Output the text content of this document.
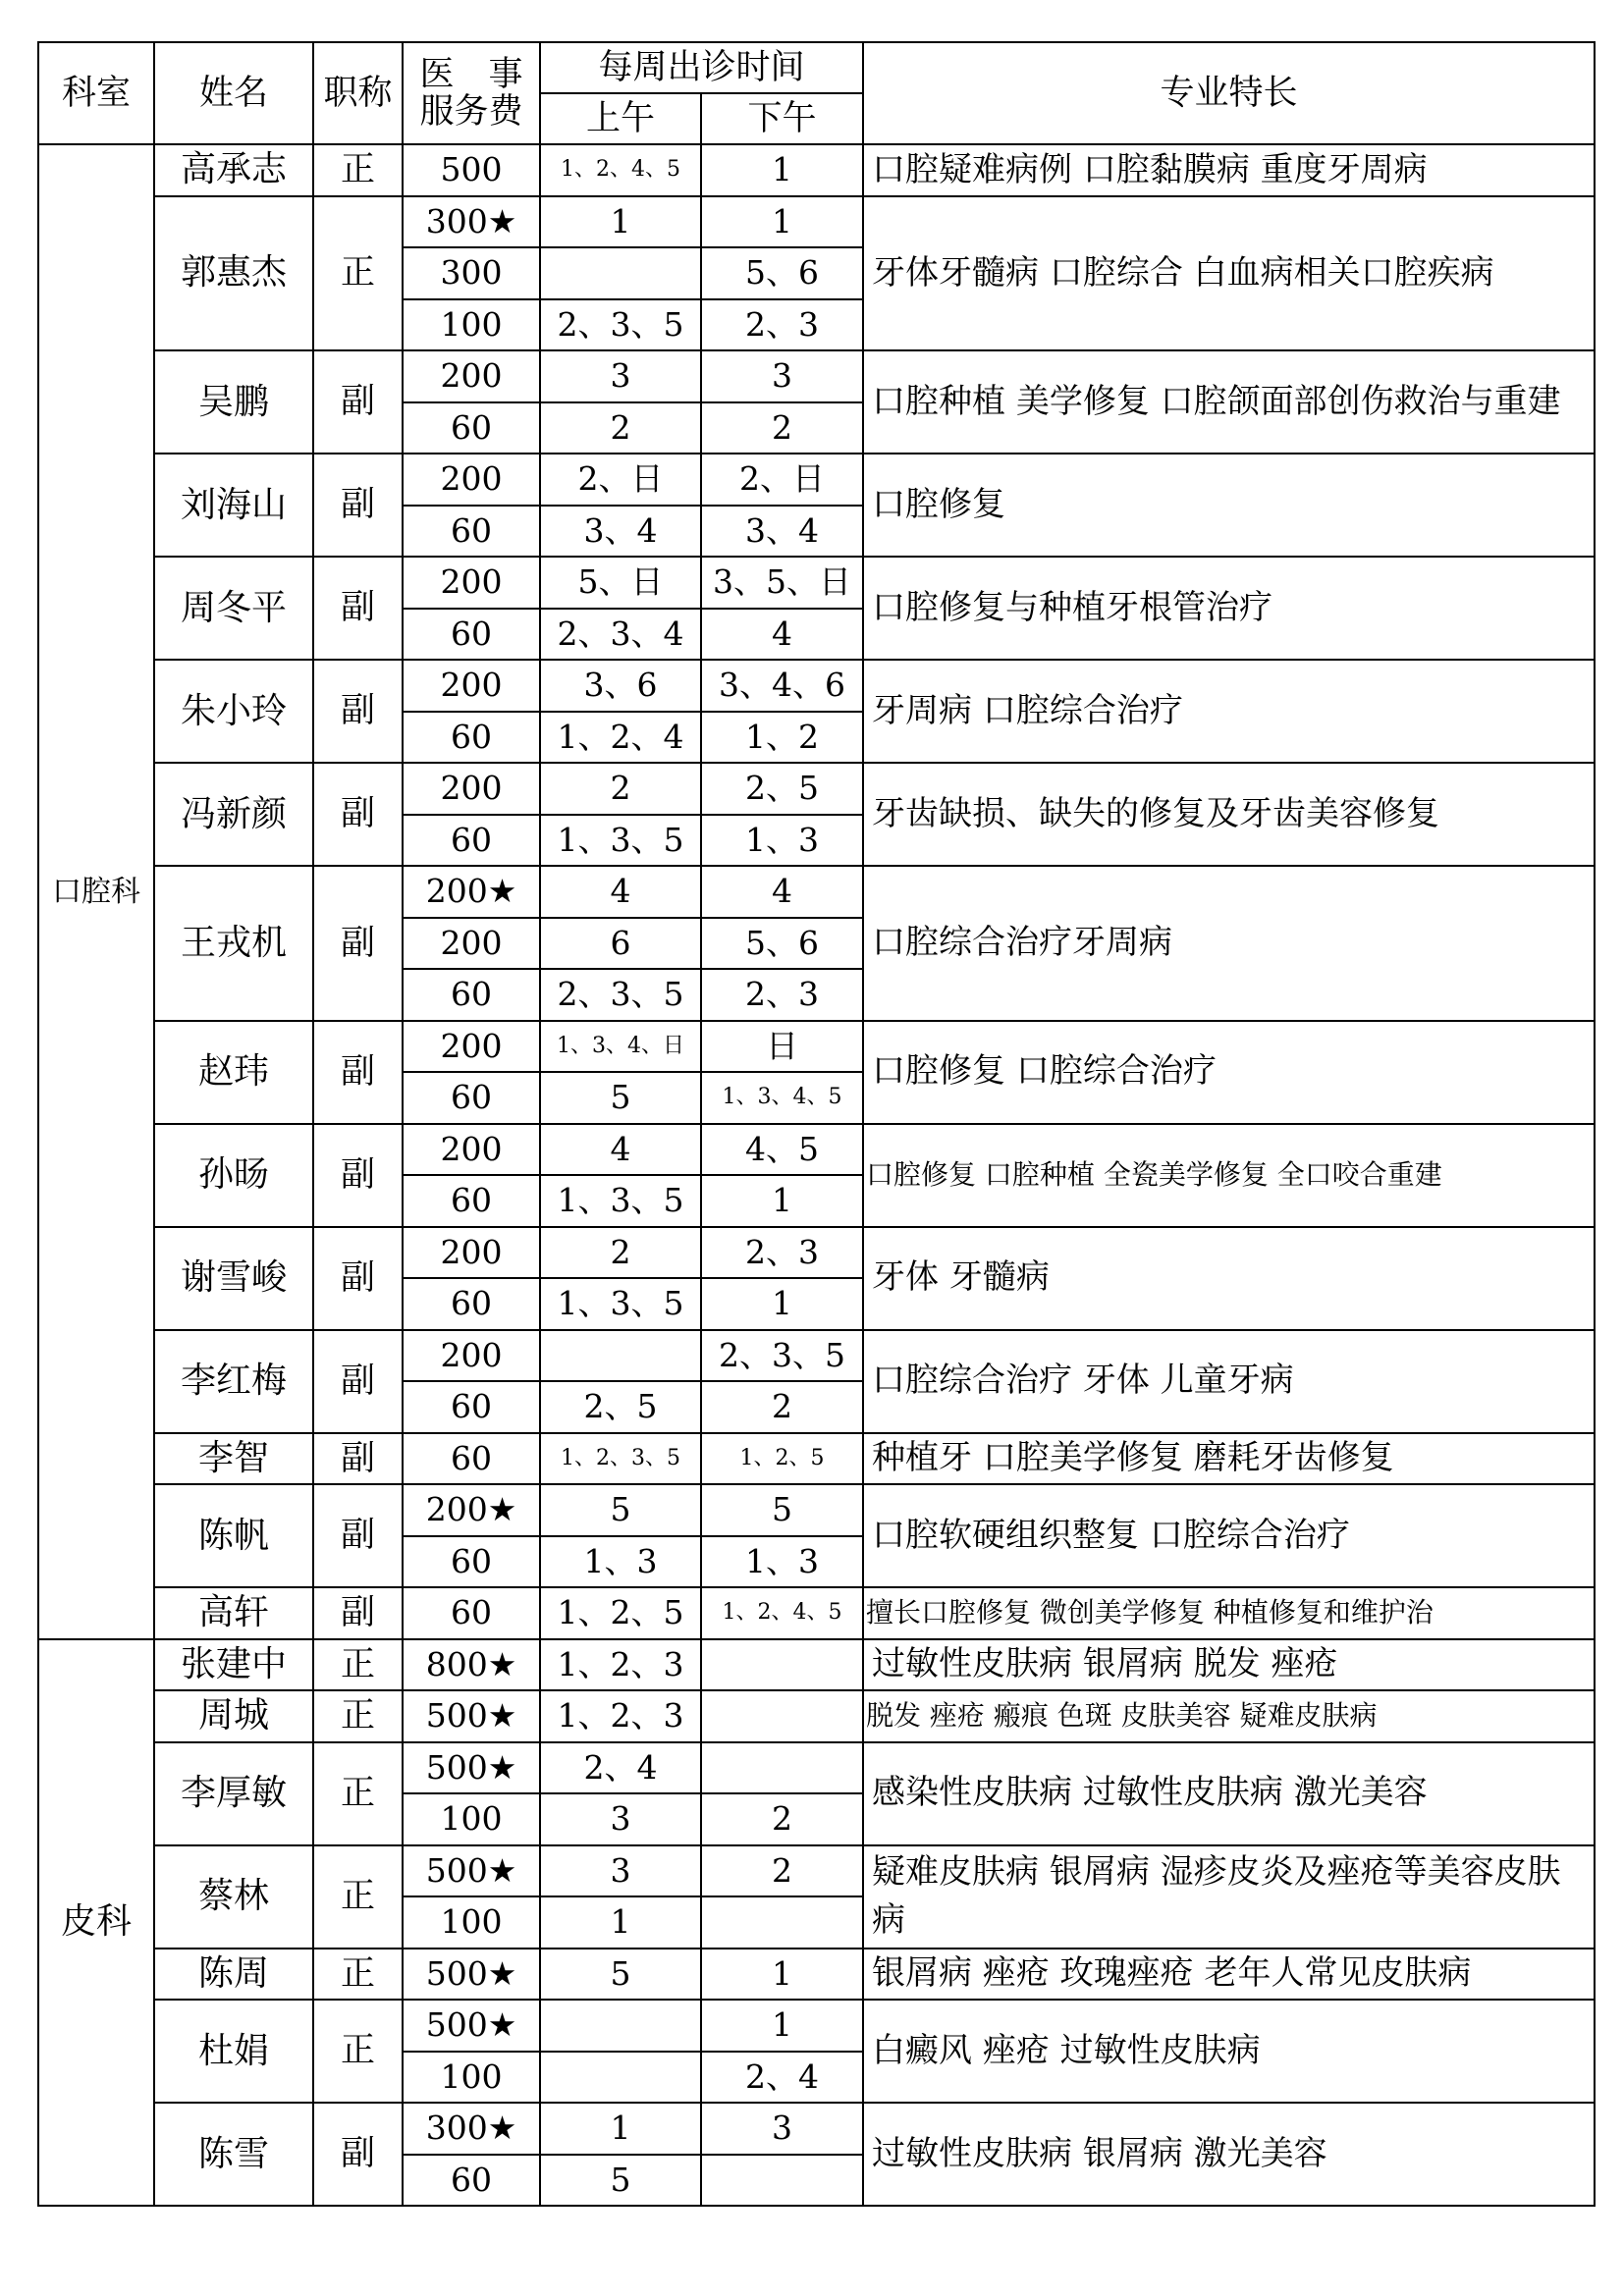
科室	姓名	职称	医　事
服务费	每周出诊时间		专业特长
				上午	下午	
口腔科	高承志	正	500	1、2、4、5	1	口腔疑难病例 口腔黏膜病 重度牙周病
	郭惠杰	正	300★	1	1	牙体牙髓病 口腔综合 白血病相关口腔疾病
			300		5、6	
			100	2、3、5	2、3	
	吴鹏	副	200	3	3	口腔种植 美学修复 口腔颌面部创伤救治与重建
			60	2	2	
	刘海山	副	200	2、日	2、日	口腔修复
			60	3、4	3、4	
	周冬平	副	200	5、日	3、5、日	口腔修复与种植牙根管治疗
			60	2、3、4	4	
	朱小玲	副	200	3、6	3、4、6	牙周病 口腔综合治疗
			60	1、2、4	1、2	
	冯新颜	副	200	2	2、5	牙齿缺损、缺失的修复及牙齿美容修复
			60	1、3、5	1、3	
	王戎机	副	200★	4	4	口腔综合治疗牙周病
			200	6	5、6	
			60	2、3、5	2、3	
	赵玮	副	200	1、3、4、日	日	口腔修复 口腔综合治疗
			60	5	1、3、4、5	
	孙旸	副	200	4	4、5	口腔修复 口腔种植 全瓷美学修复 全口咬合重建
			60	1、3、5	1	
	谢雪峻	副	200	2	2、3	牙体 牙髓病
			60	1、3、5	1	
	李红梅	副	200		2、3、5	口腔综合治疗 牙体 儿童牙病
			60	2、5	2	
	李智	副	60	1、2、3、5	1、2、5	种植牙 口腔美学修复 磨耗牙齿修复
	陈帆	副	200★	5	5	口腔软硬组织整复 口腔综合治疗
			60	1、3	1、3	
	高轩	副	60	1、2、5	1、2、4、5	擅长口腔修复 微创美学修复 种植修复和维护治
皮科	张建中	正	800★	1、2、3		过敏性皮肤病 银屑病 脱发 痤疮
	周城	正	500★	1、2、3		脱发 痤疮 瘢痕 色斑 皮肤美容 疑难皮肤病
	李厚敏	正	500★	2、4		感染性皮肤病 过敏性皮肤病 激光美容
			100	3	2	
	蔡林	正	500★	3	2	疑难皮肤病 银屑病 湿疹皮炎及痤疮等美容皮肤病
			100	1		
	陈周	正	500★	5	1	银屑病 痤疮 玫瑰痤疮 老年人常见皮肤病
	杜娟	正	500★		1	白癜风 痤疮 过敏性皮肤病
			100		2、4	
	陈雪	副	300★	1	3	过敏性皮肤病 银屑病 激光美容
			60	5		
